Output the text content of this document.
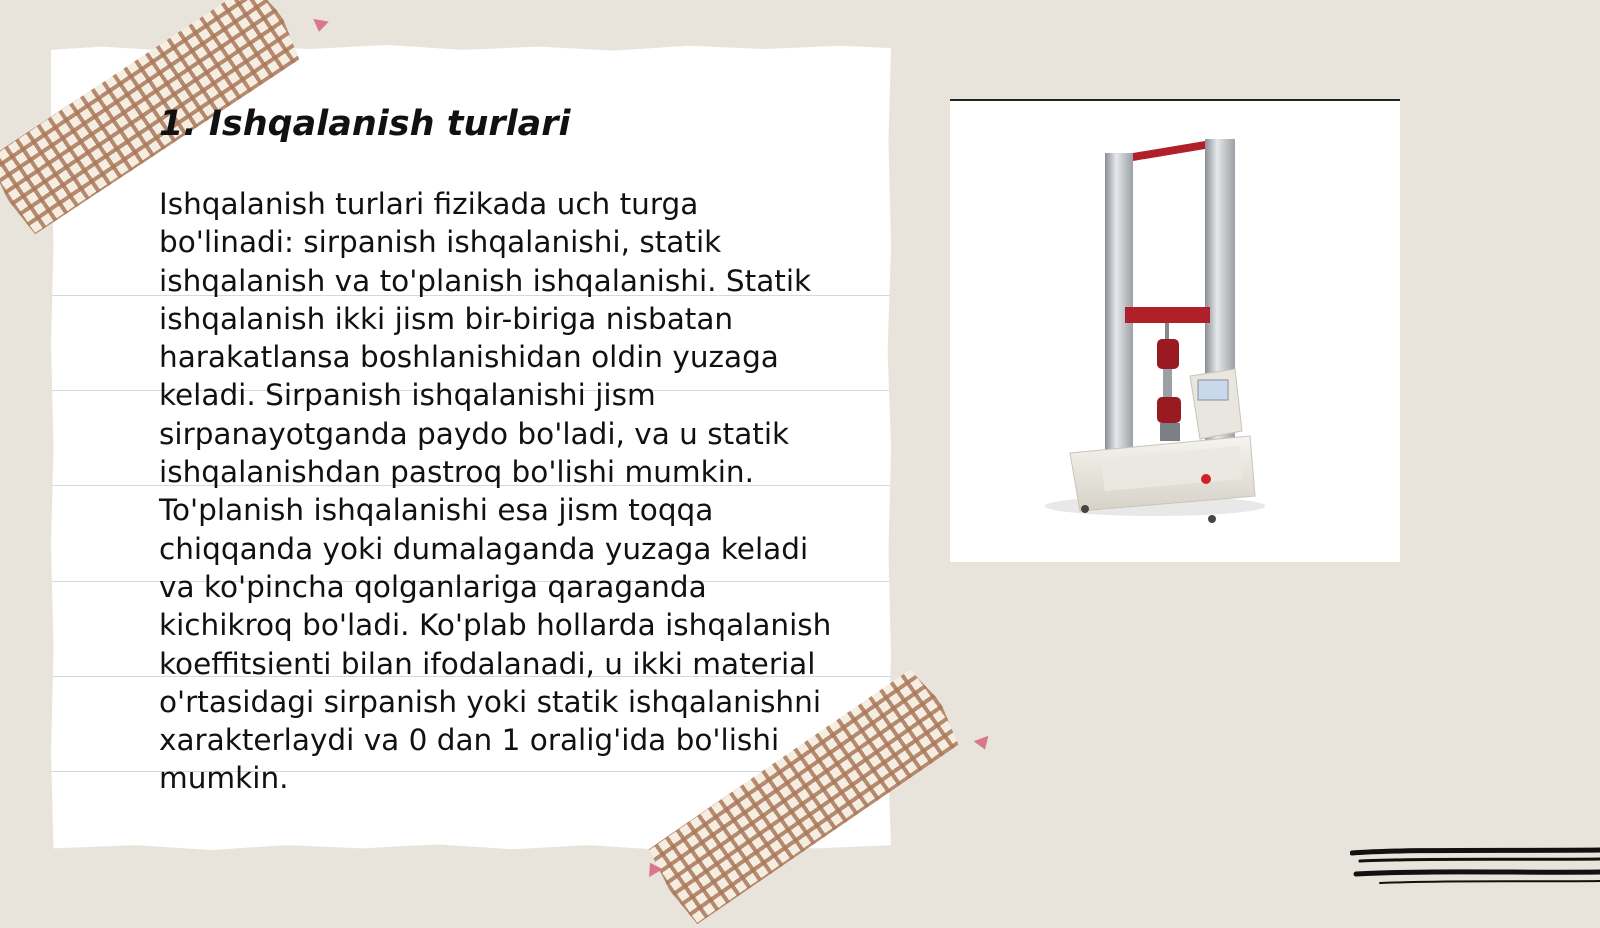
1. Ishqalanish turlari

Ishqalanish turlari fizikada uch turga bo'linadi: sirpanish ishqalanishi, statik ishqalanish va to'planish ishqalanishi. Statik ishqalanish ikki jism bir-biriga nisbatan harakatlansa boshlanishidan oldin yuzaga keladi. Sirpanish ishqalanishi jism sirpanayotganda paydo bo'ladi, va u statik ishqalanishdan pastroq bo'lishi mumkin. To'planish ishqalanishi esa jism toqqa chiqqanda yoki dumalaganda yuzaga keladi va ko'pincha qolganlariga qaraganda kichikroq bo'ladi. Ko'plab hollarda ishqalanish koeffitsienti bilan ifodalanadi, u ikki material o'rtasidagi sirpanish yoki statik ishqalanishni xarakterlaydi va 0 dan 1 oralig'ida bo'lishi mumkin.
